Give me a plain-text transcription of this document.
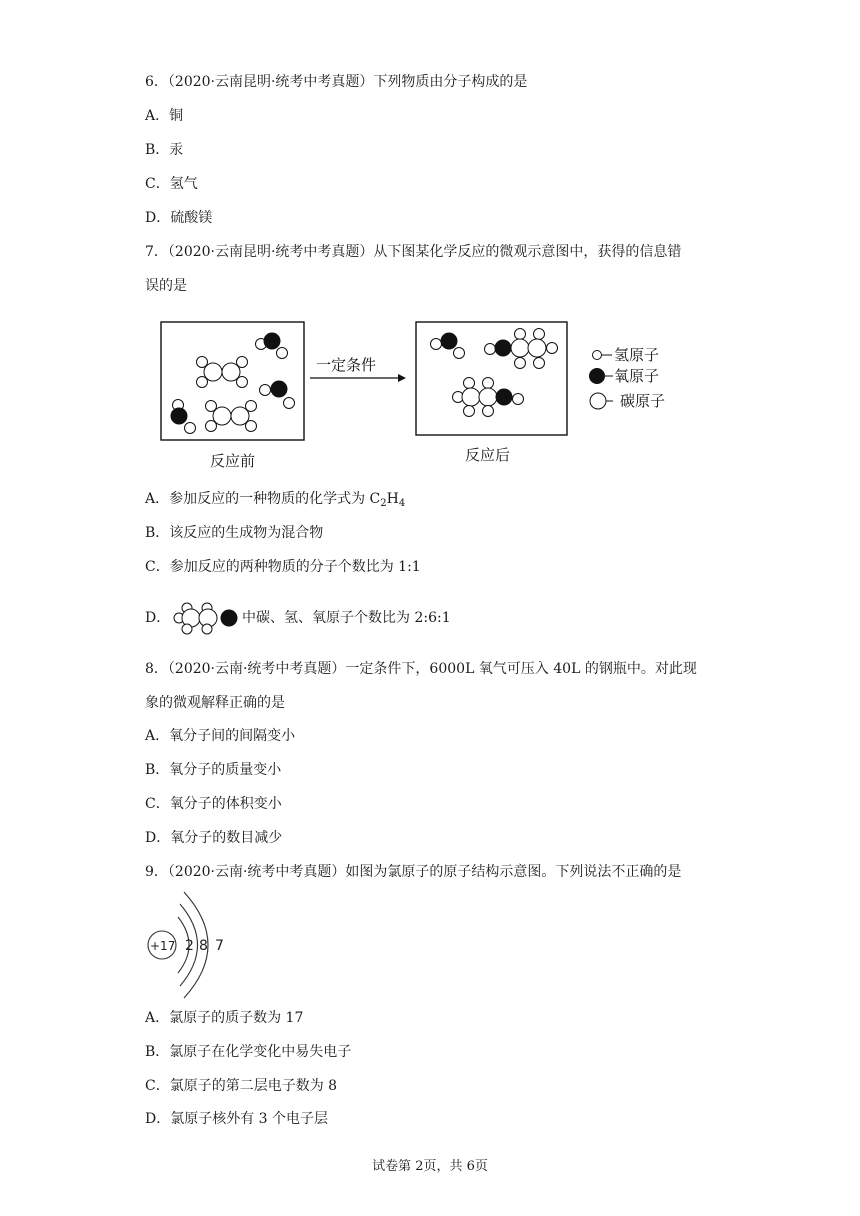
6．（2020·云南昆明·统考中考真题）下列物质由分子构成的是
A．铜
B．汞
C．氢气
D．硫酸镁
7．（2020·云南昆明·统考中考真题）从下图某化学反应的微观示意图中，获得的信息错
误的是
一定条件
氢原子
氧原子
碳原子
反应前	反应后
A．参加反应的一种物质的化学式为 $C_2H_4$
B．该反应的生成物为混合物
C．参加反应的两种物质的分子个数比为 1:1
D．	中碳、氢、氧原子个数比为 2:6:1
8．（2020·云南·统考中考真题）一定条件下，6000L 氧气可压入 40L 的钢瓶中。对此现
象的微观解释正确的是
A．氧分子间的间隔变小
B．氧分子的质量变小
C．氧分子的体积变小
D．氧分子的数目减少
9．（2020·云南·统考中考真题）如图为氯原子的原子结构示意图。下列说法不正确的是
+17 2 8 7
A．氯原子的质子数为 17
B．氯原子在化学变化中易失电子
C．氯原子的第二层电子数为 8
D．氯原子核外有 3 个电子层
试卷第 2页，共 6页
